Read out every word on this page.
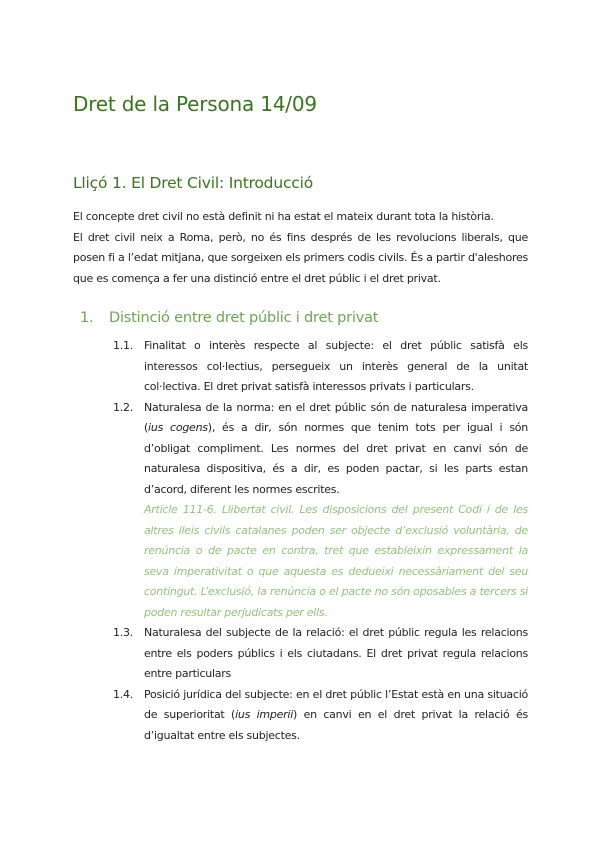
Dret de la Persona 14/09
Lliçó 1. El Dret Civil: Introducció

El concepte dret civil no està definit ni ha estat el mateix durant tota la història.

El dret civil neix a Roma, però, no és fins després de les revolucions liberals, que posen fi a l’edat mitjana, que sorgeixen els primers codis civils. És a partir d'aleshores que es comença a fer una distinció entre el dret públic i el dret privat.

1.	Distinció entre dret públic i dret privat
1.1.	Finalitat o interès respecte al subjecte: el dret públic satisfà els interessos col·lectius, persegueix un interès general de la unitat col·lectiva. El dret privat satisfà interessos privats i particulars.

1.2.	Naturalesa de la norma: en el dret públic són de naturalesa imperativa (ius cogens), és a dir, són normes que tenim tots per igual i són d’obligat compliment. Les normes del dret privat en canvi són de naturalesa dispositiva, és a dir, es poden pactar, si les parts estan d’acord, diferent les normes escrites.

Article 111-6. Llibertat civil. Les disposicions del present Codi i de les altres lleis civils catalanes poden ser objecte d’exclusió voluntària, de renúncia o de pacte en contra, tret que estableixin expressament la seva imperativitat o que aquesta es dedueixi necessàriament del seu contingut. L’exclusió, la renúncia o el pacte no són oposables a tercers si poden resultar perjudicats per ells.

1.3.	Naturalesa del subjecte de la relació: el dret públic regula les relacions entre els poders públics i els ciutadans. El dret privat regula relacions entre particulars

1.4.	Posició jurídica del subjecte: en el dret públic l’Estat està en una situació de superioritat (ius imperii) en canvi en el dret privat la relació és d’igualtat entre els subjectes.
